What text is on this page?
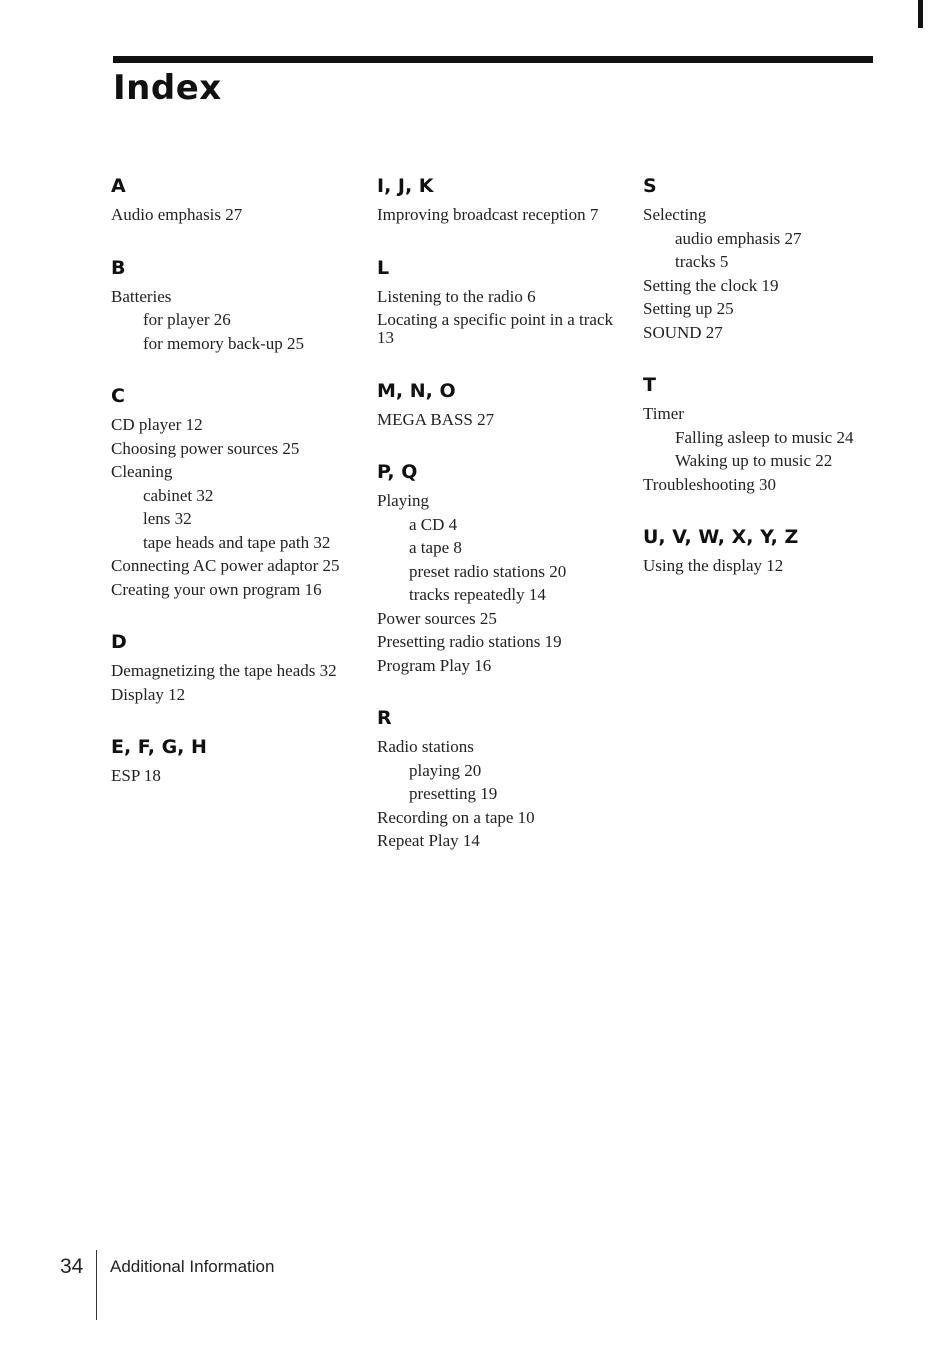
Index
A
Audio emphasis 27
B
Batteries
for player 26
for memory back-up 25
C
CD player 12
Choosing power sources 25
Cleaning
cabinet 32
lens 32
tape heads and tape path 32
Connecting AC power adaptor 25
Creating your own program 16
D
Demagnetizing the tape heads 32
Display 12
E, F, G, H
ESP 18
I, J, K
Improving broadcast reception 7
L
Listening to the radio 6
Locating a specific point in a track 13
M, N, O
MEGA BASS 27
P, Q
Playing
a CD 4
a tape 8
preset radio stations 20
tracks repeatedly 14
Power sources 25
Presetting radio stations 19
Program Play 16
R
Radio stations
playing 20
presetting 19
Recording on a tape 10
Repeat Play 14
S
Selecting
audio emphasis 27
tracks 5
Setting the clock 19
Setting up 25
SOUND 27
T
Timer
Falling asleep to music 24
Waking up to music 22
Troubleshooting 30
U, V, W, X, Y, Z
Using the display 12
34 Additional Information
